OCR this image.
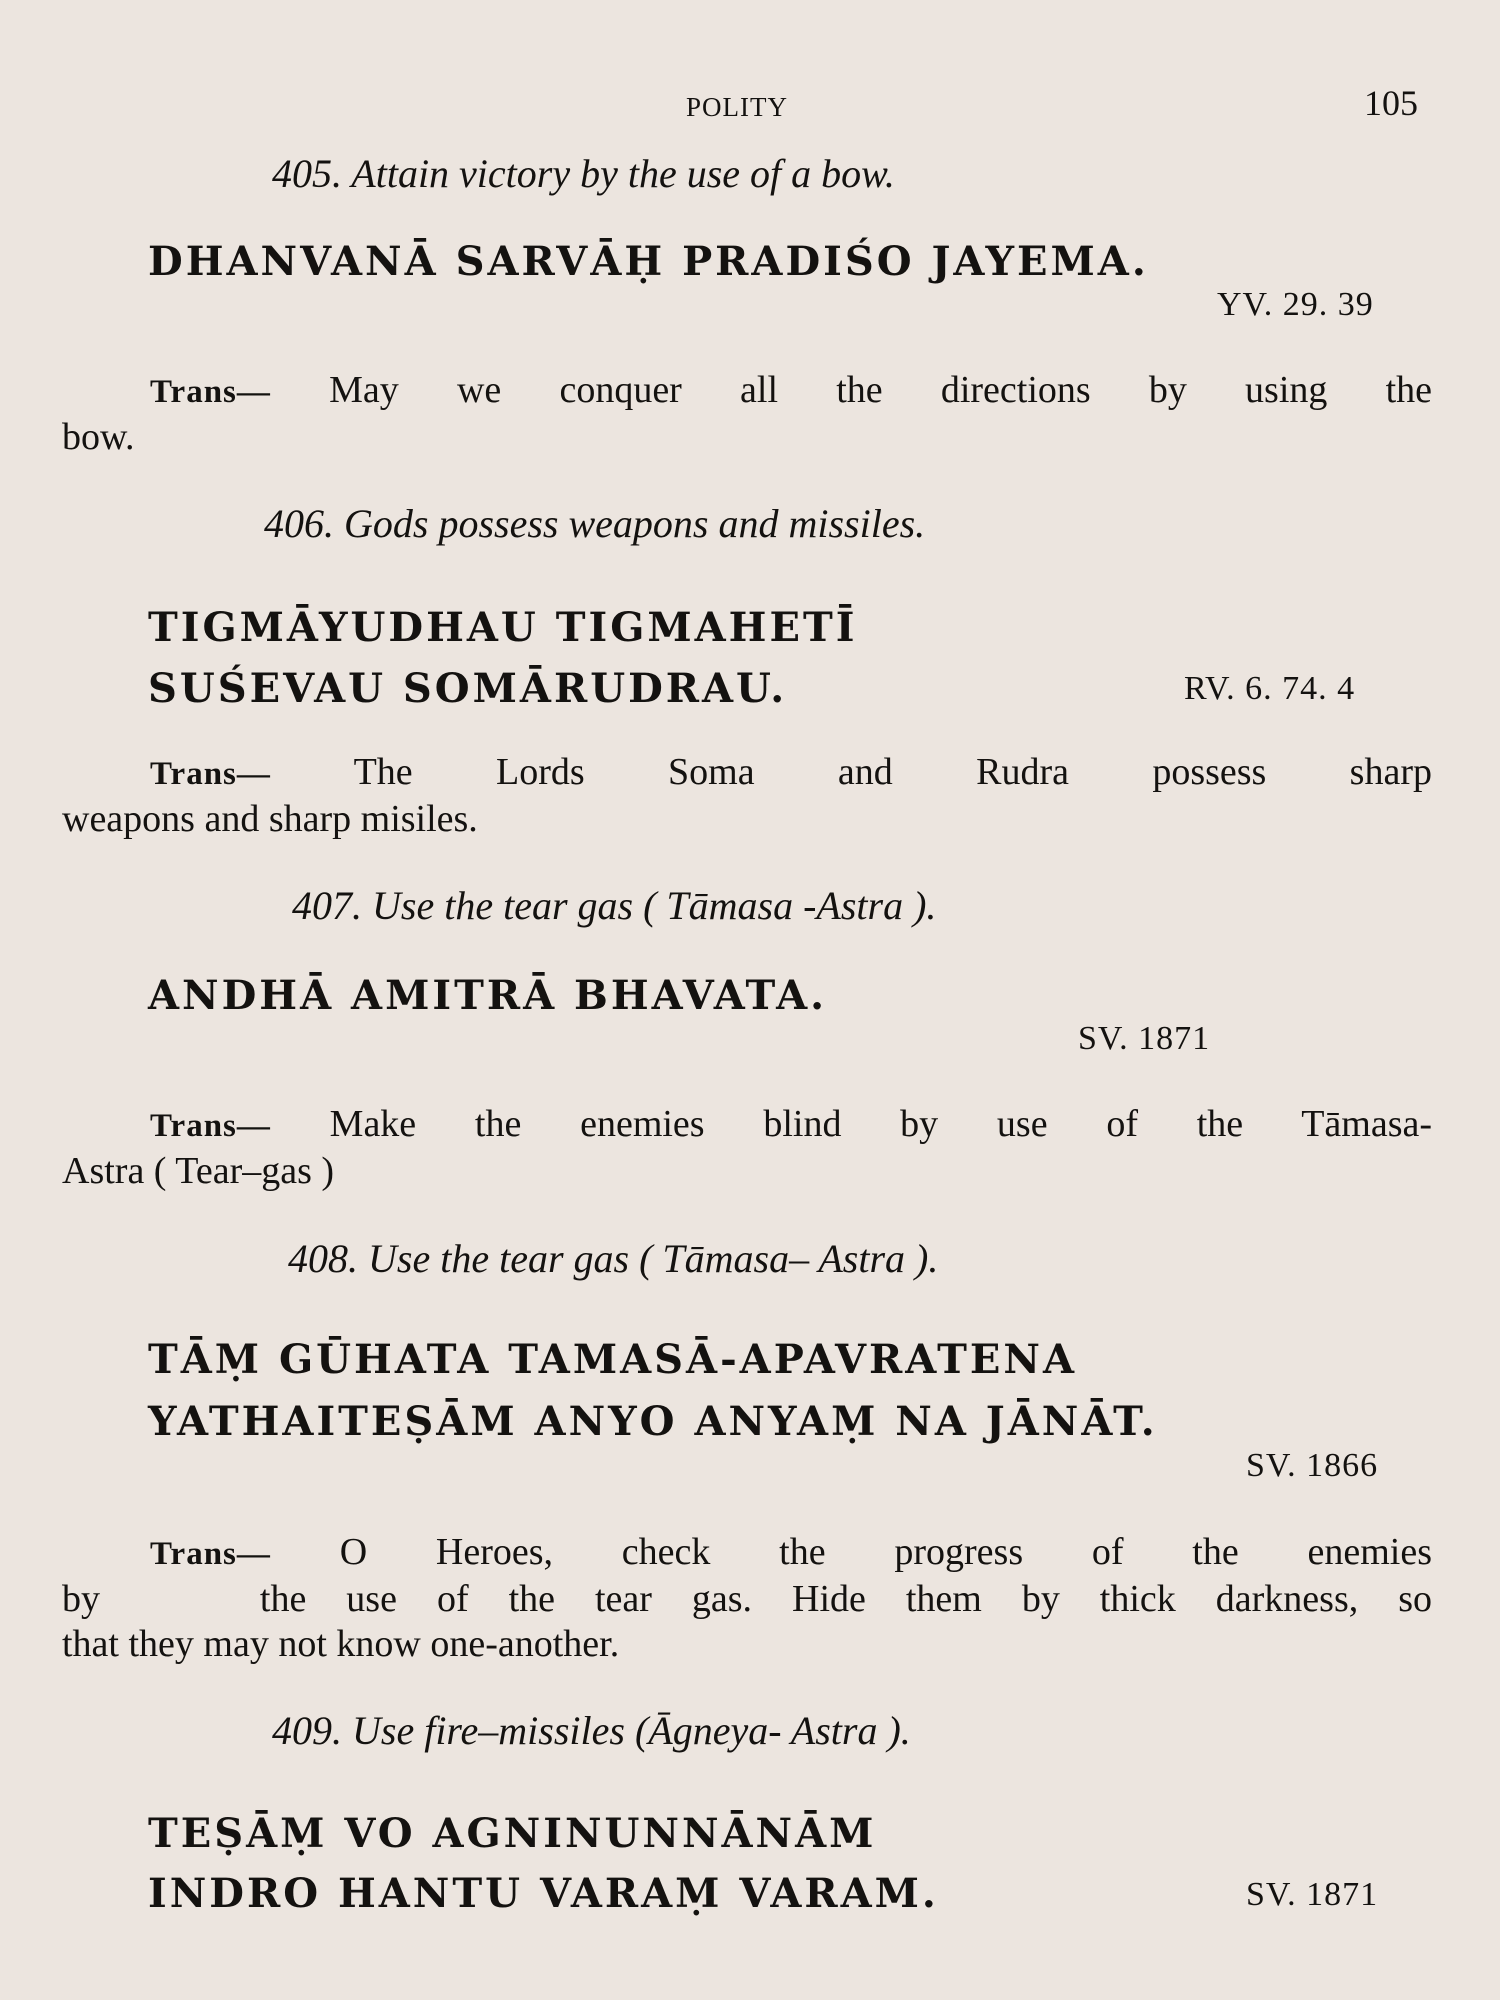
POLITY	105
405. Attain victory by the use of a bow.
DHANVANĀ SARVĀḤ PRADIŚO JAYEMA.
YV. 29. 39
Trans— May we conquer all the directions by using the
bow.
406. Gods possess weapons and missiles.
TIGMĀYUDHAU TIGMAHETĪ
SUŚEVAU SOMĀRUDRAU.	RV. 6. 74. 4
Trans— The Lords Soma and Rudra possess sharp
weapons and sharp misiles.
407. Use the tear gas ( Tāmasa -Astra ).
ANDHĀ AMITRĀ BHAVATA.
SV. 1871
Trans— Make the enemies blind by use of the Tāmasa-
Astra ( Tear–gas )
408. Use the tear gas ( Tāmasa– Astra ).
TĀṂ GŪHATA TAMASĀ-APAVRATENA
YATHAITEṢĀM ANYO ANYAṂ NA JĀNĀT.
SV. 1866
Trans— O Heroes, check the progress of the enemies
by    the use of the tear gas. Hide them by thick darkness, so
that they may not know one-another.
409. Use fire–missiles (Āgneya- Astra ).
TEṢĀṂ VO AGNINUNNĀNĀM
INDRO HANTU VARAṂ VARAM.	SV. 1871
